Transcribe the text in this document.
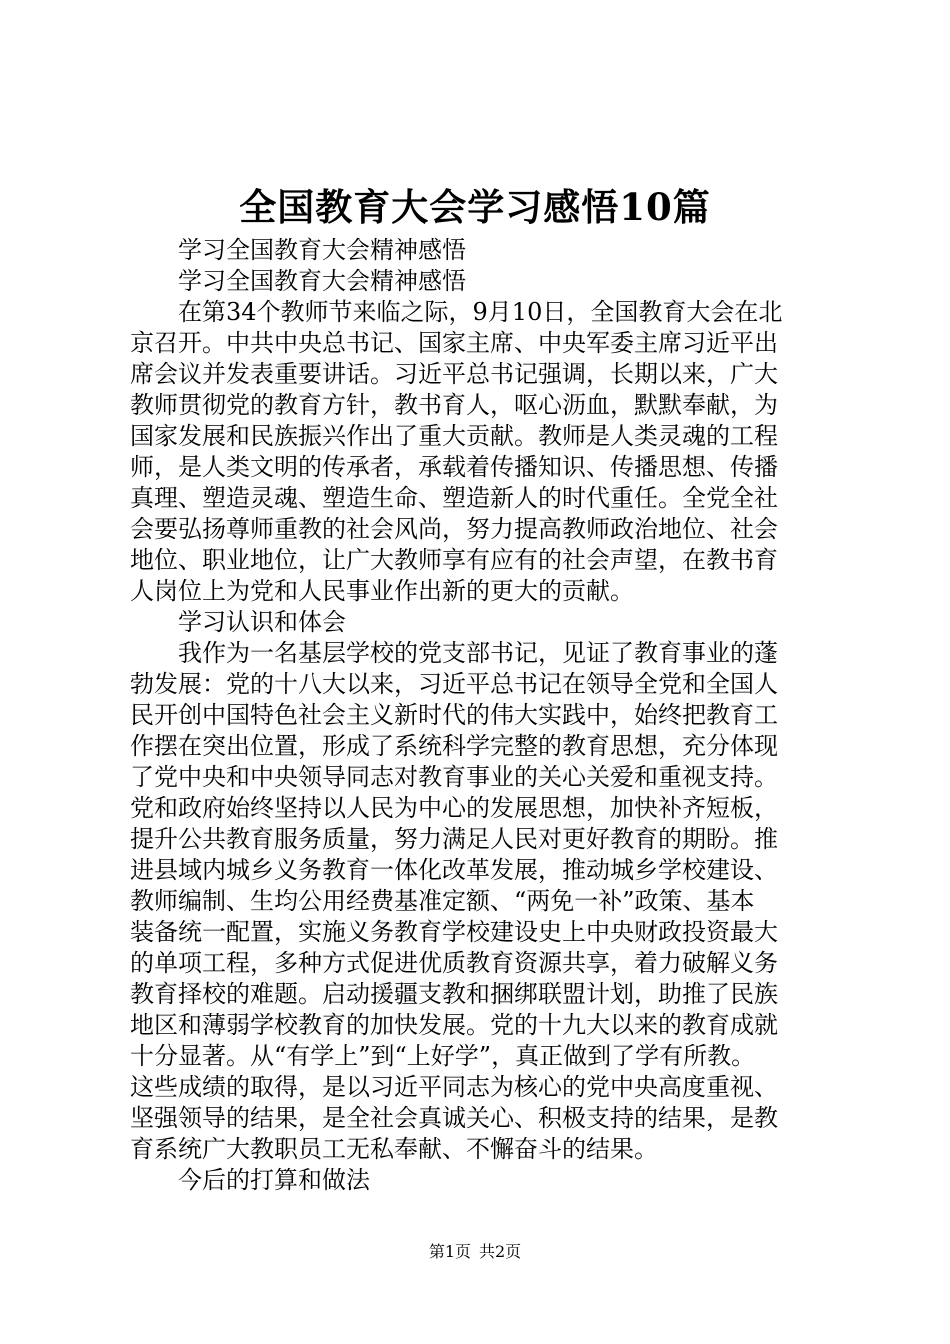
全国教育大会学习感悟10篇
学习全国教育大会精神感悟
学习全国教育大会精神感悟
在第34个教师节来临之际，9月10日，全国教育大会在北
京召开。中共中央总书记、国家主席、中央军委主席习近平出
席会议并发表重要讲话。习近平总书记强调，长期以来，广大
教师贯彻党的教育方针，教书育人，呕心沥血，默默奉献，为
国家发展和民族振兴作出了重大贡献。教师是人类灵魂的工程
师，是人类文明的传承者，承载着传播知识、传播思想、传播
真理、塑造灵魂、塑造生命、塑造新人的时代重任。全党全社
会要弘扬尊师重教的社会风尚，努力提高教师政治地位、社会
地位、职业地位，让广大教师享有应有的社会声望，在教书育
人岗位上为党和人民事业作出新的更大的贡献。
学习认识和体会
我作为一名基层学校的党支部书记，见证了教育事业的蓬
勃发展：党的十八大以来，习近平总书记在领导全党和全国人
民开创中国特色社会主义新时代的伟大实践中，始终把教育工
作摆在突出位置，形成了系统科学完整的教育思想，充分体现
了党中央和中央领导同志对教育事业的关心关爱和重视支持。
党和政府始终坚持以人民为中心的发展思想，加快补齐短板，
提升公共教育服务质量，努力满足人民对更好教育的期盼。推
进县域内城乡义务教育一体化改革发展，推动城乡学校建设、
教师编制、生均公用经费基准定额、“两免一补”政策、基本
装备统一配置，实施义务教育学校建设史上中央财政投资最大
的单项工程，多种方式促进优质教育资源共享，着力破解义务
教育择校的难题。启动援疆支教和捆绑联盟计划，助推了民族
地区和薄弱学校教育的加快发展。党的十九大以来的教育成就
十分显著。从“有学上”到“上好学”，真正做到了学有所教。
这些成绩的取得，是以习近平同志为核心的党中央高度重视、
坚强领导的结果，是全社会真诚关心、积极支持的结果，是教
育系统广大教职员工无私奉献、不懈奋斗的结果。
今后的打算和做法
第1页 共2页
